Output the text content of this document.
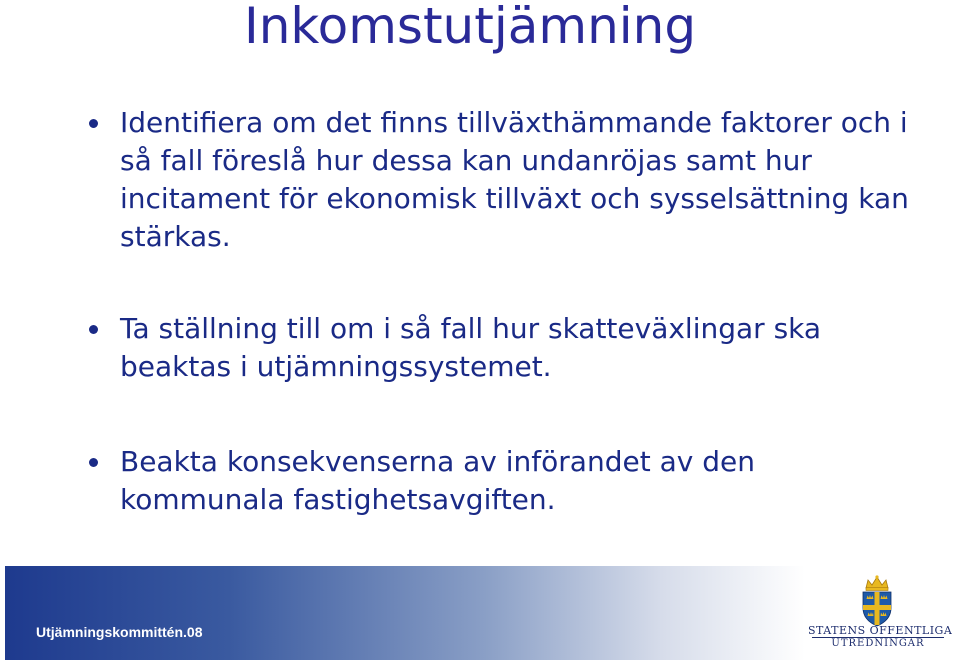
Inkomstutjämning
Identifiera om det finns tillväxthämmande faktorer och i så fall föreslå hur dessa kan undanröjas samt hur incitament för ekonomisk tillväxt och sysselsättning kan stärkas.
Ta ställning till om i så fall hur skatteväxlingar ska beaktas i utjämningssystemet.
Beakta konsekvenserna av införandet av den kommunala fastighetsavgiften.
Utjämningskommittén.08	STATENS OFFENTLIGA
UTREDNINGAR
